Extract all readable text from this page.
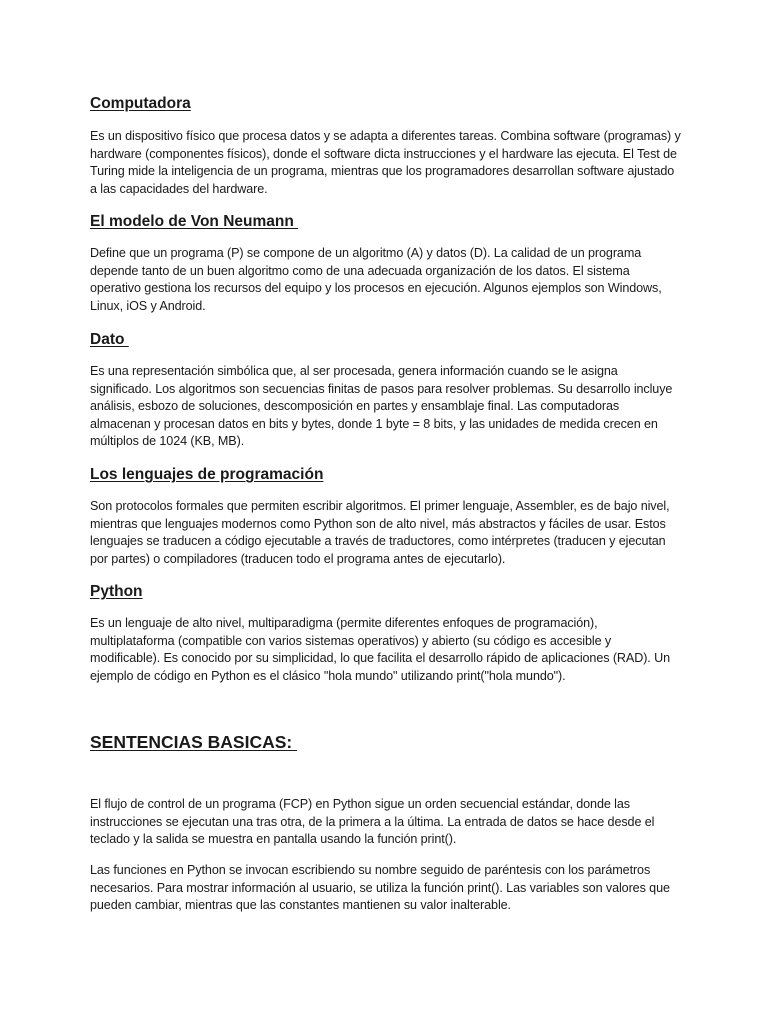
Computadora

Es un dispositivo físico que procesa datos y se adapta a diferentes tareas. Combina software (programas) y hardware (componentes físicos), donde el software dicta instrucciones y el hardware las ejecuta. El Test de Turing mide la inteligencia de un programa, mientras que los programadores desarrollan software ajustado a las capacidades del hardware.

El modelo de Von Neumann

Define que un programa (P) se compone de un algoritmo (A) y datos (D). La calidad de un programa depende tanto de un buen algoritmo como de una adecuada organización de los datos. El sistema operativo gestiona los recursos del equipo y los procesos en ejecución. Algunos ejemplos son Windows, Linux, iOS y Android.

Dato

Es una representación simbólica que, al ser procesada, genera información cuando se le asigna significado. Los algoritmos son secuencias finitas de pasos para resolver problemas. Su desarrollo incluye análisis, esbozo de soluciones, descomposición en partes y ensamblaje final. Las computadoras almacenan y procesan datos en bits y bytes, donde 1 byte = 8 bits, y las unidades de medida crecen en múltiplos de 1024 (KB, MB).

Los lenguajes de programación

Son protocolos formales que permiten escribir algoritmos. El primer lenguaje, Assembler, es de bajo nivel, mientras que lenguajes modernos como Python son de alto nivel, más abstractos y fáciles de usar. Estos lenguajes se traducen a código ejecutable a través de traductores, como intérpretes (traducen y ejecutan por partes) o compiladores (traducen todo el programa antes de ejecutarlo).

Python

Es un lenguaje de alto nivel, multiparadigma (permite diferentes enfoques de programación), multiplataforma (compatible con varios sistemas operativos) y abierto (su código es accesible y modificable). Es conocido por su simplicidad, lo que facilita el desarrollo rápido de aplicaciones (RAD). Un ejemplo de código en Python es el clásico "hola mundo" utilizando print("hola mundo").

SENTENCIAS BASICAS:

El flujo de control de un programa (FCP) en Python sigue un orden secuencial estándar, donde las instrucciones se ejecutan una tras otra, de la primera a la última. La entrada de datos se hace desde el teclado y la salida se muestra en pantalla usando la función print().

Las funciones en Python se invocan escribiendo su nombre seguido de paréntesis con los parámetros necesarios. Para mostrar información al usuario, se utiliza la función print(). Las variables son valores que pueden cambiar, mientras que las constantes mantienen su valor inalterable.
